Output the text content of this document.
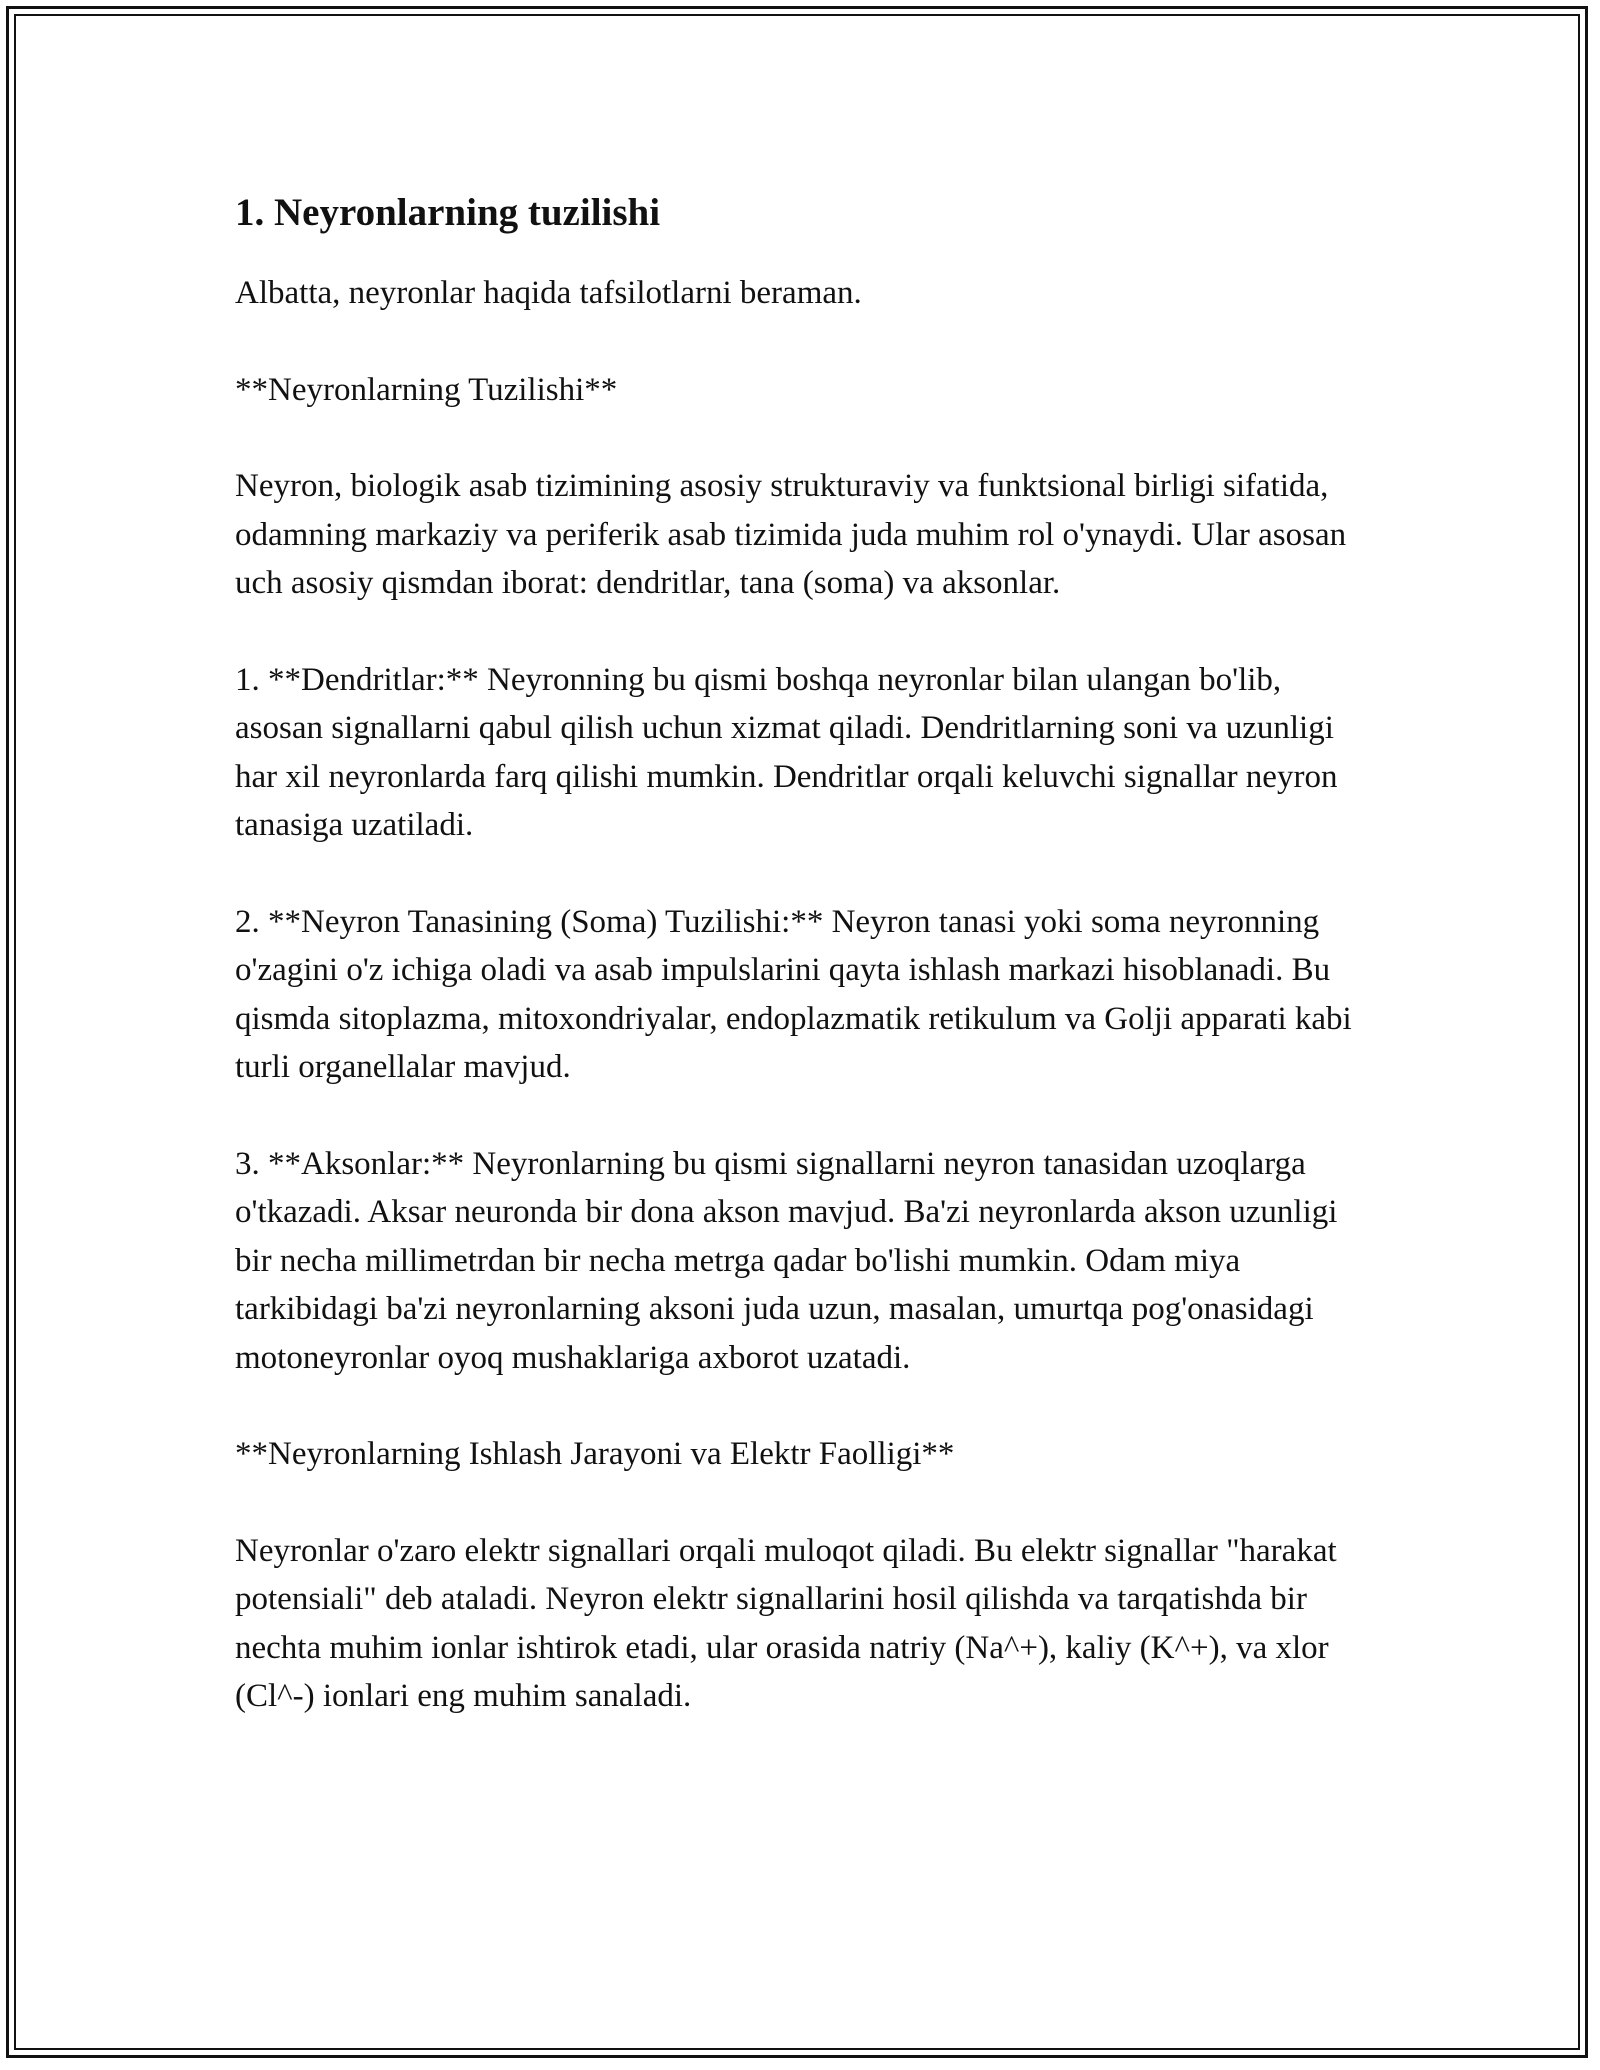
1. Neyronlarning tuzilishi

Albatta, neyronlar haqida tafsilotlarni beraman.

**Neyronlarning Tuzilishi**

Neyron, biologik asab tizimining asosiy strukturaviy va funktsional birligi sifatida, odamning markaziy va periferik asab tizimida juda muhim rol o'ynaydi. Ular asosan uch asosiy qismdan iborat: dendritlar, tana (soma) va aksonlar.

1. **Dendritlar:** Neyronning bu qismi boshqa neyronlar bilan ulangan bo'lib, asosan signallarni qabul qilish uchun xizmat qiladi. Dendritlarning soni va uzunligi har xil neyronlarda farq qilishi mumkin. Dendritlar orqali keluvchi signallar neyron tanasiga uzatiladi.

2. **Neyron Tanasining (Soma) Tuzilishi:** Neyron tanasi yoki soma neyronning o'zagini o'z ichiga oladi va asab impulslarini qayta ishlash markazi hisoblanadi. Bu qismda sitoplazma, mitoxondriyalar, endoplazmatik retikulum va Golji apparati kabi turli organellalar mavjud.

3. **Aksonlar:** Neyronlarning bu qismi signallarni neyron tanasidan uzoqlarga o'tkazadi. Aksar neuronda bir dona akson mavjud. Ba'zi neyronlarda akson uzunligi bir necha millimetrdan bir necha metrga qadar bo'lishi mumkin. Odam miya tarkibidagi ba'zi neyronlarning aksoni juda uzun, masalan, umurtqa pog'onasidagi motoneyronlar oyoq mushaklariga axborot uzatadi.

**Neyronlarning Ishlash Jarayoni va Elektr Faolligi**

Neyronlar o'zaro elektr signallari orqali muloqot qiladi. Bu elektr signallar "harakat potensiali" deb ataladi. Neyron elektr signallarini hosil qilishda va tarqatishda bir nechta muhim ionlar ishtirok etadi, ular orasida natriy (Na^+), kaliy (K^+), va xlor (Cl^-) ionlari eng muhim sanaladi.
